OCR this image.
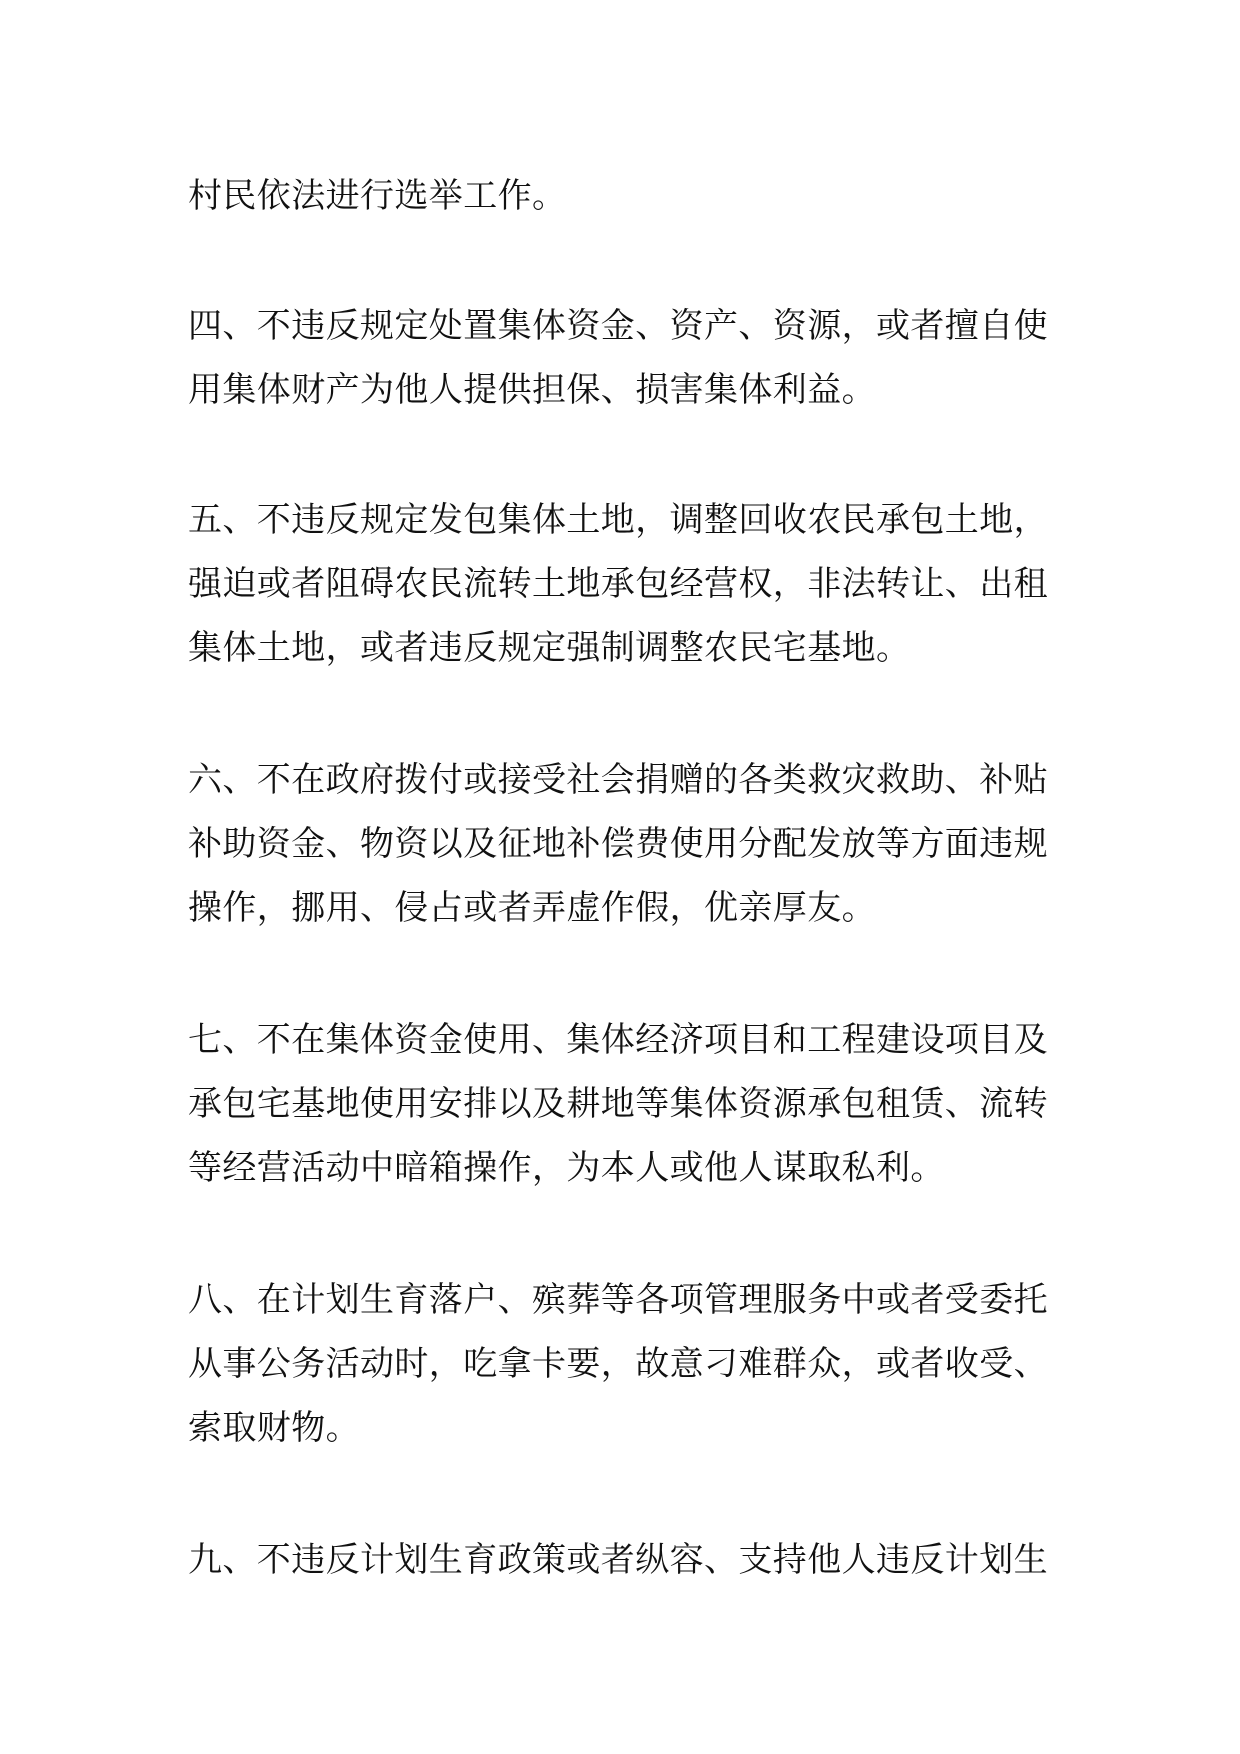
村民依法进行选举工作。

四、不违反规定处置集体资金、资产、资源，或者擅自使
用集体财产为他人提供担保、损害集体利益。

五、不违反规定发包集体土地，调整回收农民承包土地，
强迫或者阻碍农民流转土地承包经营权，非法转让、出租
集体土地，或者违反规定强制调整农民宅基地。

六、不在政府拨付或接受社会捐赠的各类救灾救助、补贴
补助资金、物资以及征地补偿费使用分配发放等方面违规
操作，挪用、侵占或者弄虚作假，优亲厚友。

七、不在集体资金使用、集体经济项目和工程建设项目及
承包宅基地使用安排以及耕地等集体资源承包租赁、流转
等经营活动中暗箱操作，为本人或他人谋取私利。

八、在计划生育落户、殡葬等各项管理服务中或者受委托
从事公务活动时，吃拿卡要，故意刁难群众，或者收受、
索取财物。

九、不违反计划生育政策或者纵容、支持他人违反计划生
